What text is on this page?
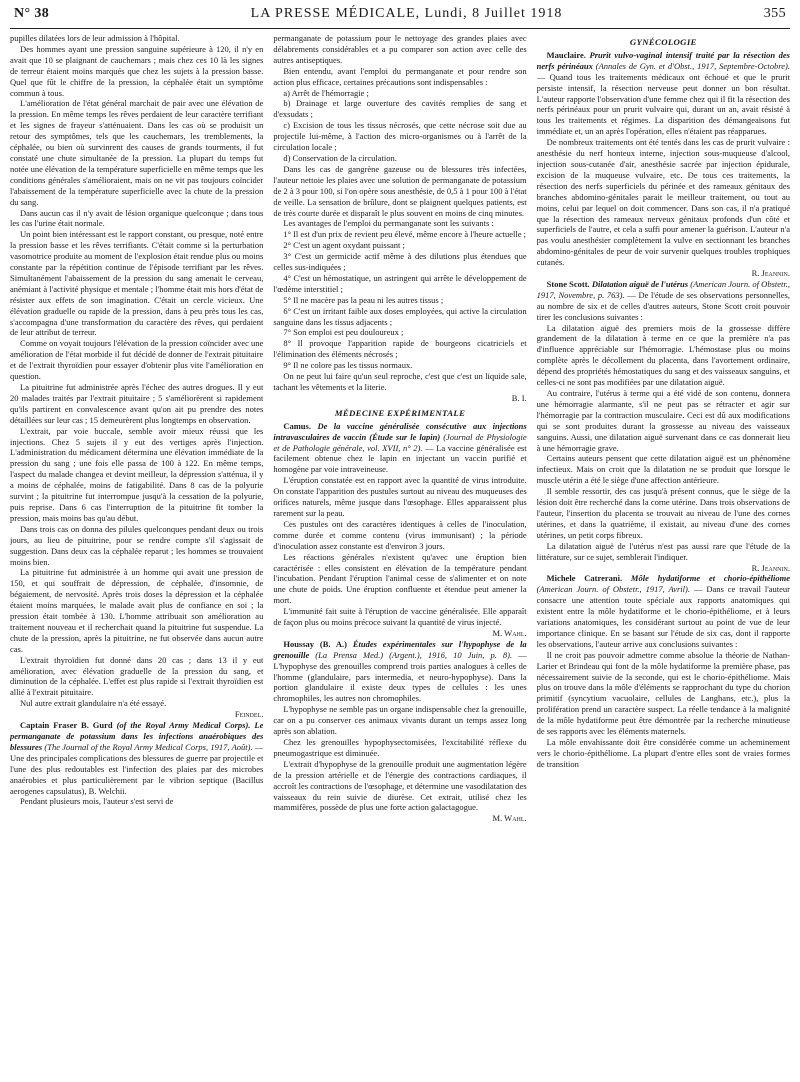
N° 38	LA PRESSE MÉDICALE, Lundi, 8 Juillet 1918	355

pupilles dilatées lors de leur admission à l'hôpital.

Des hommes ayant une pression sanguine supérieure à 120, il n'y en avait que 10 se plaignant de cauchemars ; mais chez ces 10 là les signes de terreur étaient moins marqués que chez les sujets à la pression basse. Quel que fût le chiffre de la pression, la céphalée était un symptôme commun à tous.

L'amélioration de l'état général marchait de pair avec une élévation de la pression. En même temps les rêves perdaient de leur caractère terrifiant et les signes de frayeur s'atténuaient. Dans les cas où se produisit un retour des symptômes, tels que les cauchemars, les tremblements, la céphalée, ou bien où survinrent des causes de grands tourments, il fut constaté une chute simultanée de la pression. La plupart du temps fut notée une élévation de la température superficielle en même temps que les conditions générales s'amélioraient, mais on ne vit pas toujours coïncider l'abaissement de la température superficielle avec la chute de la pression du sang.

Dans aucun cas il n'y avait de lésion organique quelconque ; dans tous les cas l'urine était normale.

Un point bien intéressant est le rapport constant, ou presque, noté entre la pression basse et les rêves terrifiants. C'était comme si la perturbation vasomotrice produite au moment de l'explosion était rendue plus ou moins constante par la répétition continue de l'épisode terrifiant par les rêves. Simultanément l'abaissement de la pression du sang amenait le cerveau, anémiant à l'activité physique et mentale ; l'homme était mis hors d'état de résister aux effets de son imagination. C'était un cercle vicieux. Une élévation graduelle ou rapide de la pression, dans à peu près tous les cas, s'accompagna d'une transformation du caractère des rêves, qui perdaient de leur attribut de terreur.

Comme on voyait toujours l'élévation de la pression coïncider avec une amélioration de l'état morbide il fut décidé de donner de l'extrait pituitaire et de l'extrait thyroïdien pour essayer d'obtenir plus vite l'amélioration en question.

La pituitrine fut administrée après l'échec des autres drogues. Il y eut 20 malades traités par l'extrait pituitaire ; 5 s'améliorèrent si rapidement qu'ils partirent en convalescence avant qu'on ait pu prendre des notes détaillées sur leur cas ; 15 demeurèrent plus longtemps en observation.

L'extrait, par voie buccale, semble avoir mieux réussi que les injections. Chez 5 sujets il y eut des vertiges après l'injection. L'administration du médicament détermina une élévation immédiate de la pression du sang ; une fois elle passa de 100 à 122. En même temps, l'aspect du malade changea et devint meilleur, la dépression s'atténua, il y a moins de céphalée, moins de fatigabilité. Dans 8 cas de la polyurie survint ; la pituitrine fut interrompue jusqu'à la cessation de la polyurie, puis reprise. Dans 6 cas l'interruption de la pituitrine fit tomber la pression, mais moins bas qu'au début.

Dans trois cas on donna des pilules quelconques pendant deux ou trois jours, au lieu de pituitrine, pour se rendre compte s'il s'agissait de suggestion. Dans deux cas la céphalée reparut ; les hommes se trouvaient moins bien.

La pituitrine fut administrée à un homme qui avait une pression de 150, et qui souffrait de dépression, de céphalée, d'insomnie, de bégaiement, de nervosité. Après trois doses la dépression et la céphalée étaient moins marquées, le malade avait plus de confiance en soi ; la pression était tombée à 130. L'homme attribuait son amélioration au traitement nouveau et il recherchait quand la pituitrine fut suspendue. La chute de la pression, après la pituitrine, ne fut observée dans aucun autre cas.

L'extrait thyroïdien fut donné dans 20 cas ; dans 13 il y eut amélioration, avec élévation graduelle de la pression du sang, et diminution de la céphalée. L'effet est plus rapide si l'extrait thyroïdien est allié à l'extrait pituitaire.

Nul autre extrait glandulaire n'a été essayé.

Feindel.

Captain Fraser B. Gurd (of the Royal Army Medical Corps). Le permanganate de potassium dans les infections anaérobiques des blessures (The Journal of the Royal Army Medical Corps, 1917, Août). — Une des principales complications des blessures de guerre par projectile et l'une des plus redoutables est l'infection des plaies par des microbes anaérobies et plus particulièrement par le vibrion septique (Bacillus aerogenes capsulatus), B. Welchii.

Pendant plusieurs mois, l'auteur s'est servi de

permanganate de potassium pour le nettoyage des grandes plaies avec délabrements considérables et a pu comparer son action avec celle des autres antiseptiques.

Bien entendu, avant l'emploi du permanganate et pour rendre son action plus efficace, certaines précautions sont indispensables :

a) Arrêt de l'hémorragie ;

b) Drainage et large ouverture des cavités remplies de sang et d'exsudats ;

c) Excision de tous les tissus nécrosés, que cette nécrose soit due au projectile lui-même, à l'action des micro-organismes ou à l'arrêt de la circulation locale ;

d) Conservation de la circulation.

Dans les cas de gangrène gazeuse ou de blessures très infectées, l'auteur nettoie les plaies avec une solution de permanganate de potassium de 2 à 3 pour 100, si l'on opère sous anesthésie, de 0,5 à 1 pour 100 à l'état de veille. La sensation de brûlure, dont se plaignent quelques patients, est de très courte durée et disparaît le plus souvent en moins de cinq minutes.

Les avantages de l'emploi du permanganate sont les suivants :

1° Il est d'un prix de revient peu élevé, même encore à l'heure actuelle ;

2° C'est un agent oxydant puissant ;

3° C'est un germicide actif même à des dilutions plus étendues que celles sus-indiquées ;

4° C'est un hémostatique, un astringent qui arrête le développement de l'œdème interstitiel ;

5° Il ne macère pas la peau ni les autres tissus ;

6° C'est un irritant faible aux doses employées, qui active la circulation sanguine dans les tissus adjacents ;

7° Son emploi est peu douloureux ;

8° Il provoque l'apparition rapide de bourgeons cicatriciels et l'élimination des éléments nécrosés ;

9° Il ne colore pas les tissus normaux.

On ne peut lui faire qu'un seul reproche, c'est que c'est un liquide sale, tachant les vêtements et la literie.

B. I.

MÉDECINE EXPÉRIMENTALE

Camus. De la vaccine généralisée consécutive aux injections intravasculaires de vaccin (Étude sur le lapin) (Journal de Physiologie et de Pathologie générale, vol. XVII, n° 2). — La vaccine généralisée est facilement obtenue chez le lapin en injectant un vaccin purifié et homogène par voie intraveineuse.

L'éruption constatée est en rapport avec la quantité de virus introduite. On constate l'apparition des pustules surtout au niveau des muqueuses des orifices naturels, même jusque dans l'œsophage. Elles apparaissent plus rarement sur la peau.

Ces pustules ont des caractères identiques à celles de l'inoculation, comme durée et comme contenu (virus immunisant) ; la période d'inoculation assez constante est d'environ 3 jours.

Les réactions générales n'existent qu'avec une éruption bien caractérisée : elles consistent en élévation de la température pendant l'incubation. Pendant l'éruption l'animal cesse de s'alimenter et on note une chute de poids. Une éruption confluente et étendue peut amener la mort.

L'immunité fait suite à l'éruption de vaccine généralisée. Elle apparaît de façon plus ou moins précoce suivant la quantité de virus injecté.

M. Wahl.

Houssay (B. A.) Études expérimentales sur l'hypophyse de la grenouille (La Prensa Med.) (Argent.), 1916, 10 Juin, p. 8). — L'hypophyse des grenouilles comprend trois parties analogues à celles de l'homme (glandulaire, pars intermedia, et neuro-hypophyse). Dans la portion glandulaire il existe deux types de cellules : les unes chromophiles, les autres non chromophiles.

L'hypophyse ne semble pas un organe indispensable chez la grenouille, car on a pu conserver ces animaux vivants durant un temps assez long après son ablation.

Chez les grenouilles hypophysectomisées, l'excitabilité réflexe du pneumogastrique est diminuée.

L'extrait d'hypophyse de la grenouille produit une augmentation légère de la pression artérielle et de l'énergie des contractions cardiaques, il accroît les contractions de l'œsophage, et détermine une vasodilatation des vaisseaux du rein suivie de diurèse. Cet extrait, utilisé chez les mammifères, possède de plus une forte action galactagogue.

M. Wahl.

GYNÉCOLOGIE

Mauclaire. Prurit vulvo-vaginal intensif traité par la résection des nerfs périnéaux (Annales de Gyn. et d'Obst., 1917, Septembre-Octobre). — Quand tous les traitements médicaux ont échoué et que le prurit persiste intensif, la résection nerveuse peut donner un bon résultat. L'auteur rapporte l'observation d'une femme chez qui il fit la résection des nerfs périnéaux pour un prurit vulvaire qui, durant un an, avait résisté à tous les traitements et régimes. La disparition des démangeaisons fut immédiate et, un an après l'opération, elles n'étaient pas réapparues.

De nombreux traitements ont été tentés dans les cas de prurit vulvaire : anesthésie du nerf honteux interne, injection sous-muqueuse d'alcool, injection sous-cutanée d'air, anesthésie sacrée par injection épidurale, excision de la muqueuse vulvaire, etc. De tous ces traitements, la résection des nerfs superficiels du périnée et des rameaux génitaux des branches abdomino-génitales parait le meilleur traitement, ou tout au moins, celui par lequel on doit commencer. Dans son cas, il n'a pratiqué que la résection des rameaux nerveux génitaux profonds d'un côté et superficiels de l'autre, et cela a suffi pour amener la guérison. L'auteur n'a pas voulu anesthésier complètement la vulve en sectionnant les branches abdomino-génitales de peur de voir survenir quelques troubles trophiques cutanés.

R. Jeannin.

Stone Scott. Dilatation aiguë de l'utérus (American Journ. of Obstetr., 1917, Novembre, p. 763). — De l'étude de ses observations personnelles, au nombre de six et de celles d'autres auteurs, Stone Scott croit pouvoir tirer les conclusions suivantes :

La dilatation aiguë des premiers mois de la grossesse diffère grandement de la dilatation à terme en ce que la première n'a pas d'influence appréciable sur l'hémorragie. L'hémostase plus ou moins complète après le décollement du placenta, dans l'avortement ordinaire, dépend des propriétés hémostatiques du sang et des vaisseaux sanguins, et celles-ci ne sont pas modifiées par une dilatation aiguë.

Au contraire, l'utérus à terme qui a été vidé de son contenu, donnera une hémorragie alarmante, s'il ne peut pas se rétracter et agir sur l'hémorragie par la contraction musculaire. Ceci est dû aux modifications qui se sont produites durant la grossesse au niveau des vaisseaux sanguins. Aussi, une dilatation aiguë survenant dans ce cas donnerait lieu à une hémorragie grave.

Certains auteurs pensent que cette dilatation aiguë est un phénomène infectieux. Mais on croit que la dilatation ne se produit que lorsque le muscle utérin a été le siège d'une affection antérieure.

Il semble ressortir, des cas jusqu'à présent connus, que le siège de la lésion doit être recherché dans la corne utérine. Dans trois observations de l'auteur, l'insertion du placenta se trouvait au niveau de l'une des cornes utérines, et dans la quatrième, il existait, au niveau d'une des cornes utérines, un petit corps fibreux.

La dilatation aiguë de l'utérus n'est pas aussi rare que l'étude de la littérature, sur ce sujet, semblerait l'indiquer.

R. Jeannin.

Michele Catrerani. Môle hydatiforme et chorio-épithéliome (American Journ. of Obstetr., 1917, Avril). — Dans ce travail l'auteur consacre une attention toute spéciale aux rapports anatomiques qui existent entre la môle hydatiforme et le chorio-épithéliome, et à leurs variations anatomiques, les considérant surtout au point de vue de leur importance clinique. En se basant sur l'étude de six cas, dont il rapporte les observations, l'auteur arrive aux conclusions suivantes :

Il ne croit pas pouvoir admettre comme absolue la théorie de Nathan-Larier et Brindeau qui font de la môle hydatiforme la première phase, pas nécessairement suivie de la seconde, qui est le chorio-épithéliome. Mais plus on trouve dans la môle d'éléments se rapprochant du type du chorion primitif (syncytium vacuolaire, cellules de Langhans, etc.), plus la prolifération prend un caractère suspect. La réelle tendance à la malignité de la môle hydatiforme peut être démontrée par la recherche minutieuse de ses rapports avec les éléments maternels.

La môle envahissante doit être considérée comme un acheminement vers le chorio-épithéliome. La plupart d'entre elles sont de vraies formes de transition
